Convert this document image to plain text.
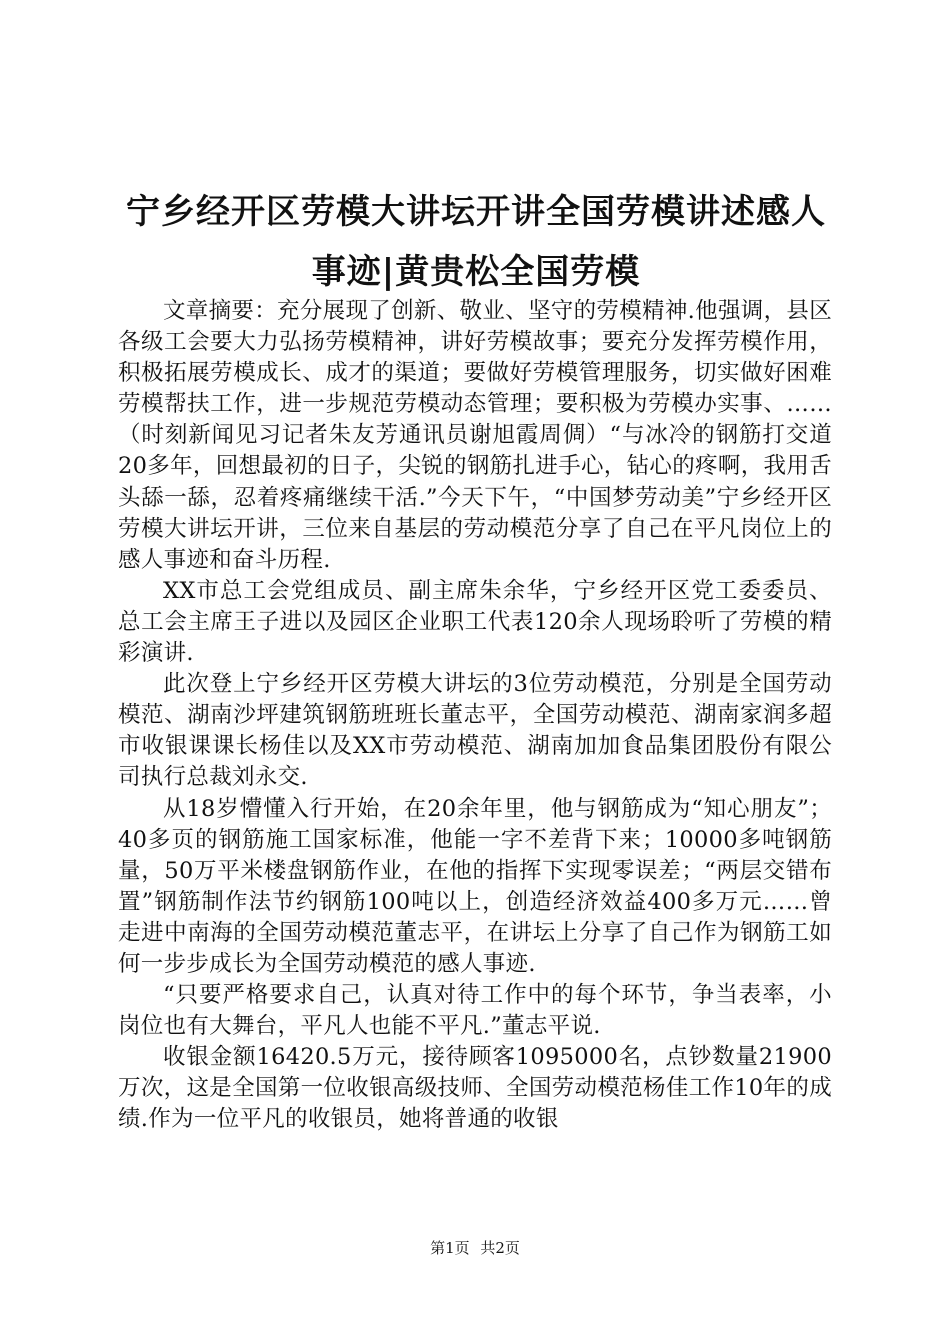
宁乡经开区劳模大讲坛开讲全国劳模讲述感人事迹|黄贵松全国劳模

文章摘要：充分展现了创新、敬业、坚守的劳模精神.他强调，县区各级工会要大力弘扬劳模精神，讲好劳模故事；要充分发挥劳模作用，积极拓展劳模成长、成才的渠道；要做好劳模管理服务，切实做好困难劳模帮扶工作，进一步规范劳模动态管理；要积极为劳模办实事、……（时刻新闻见习记者朱友芳通讯员谢旭霞周倜）“与冰冷的钢筋打交道20多年，回想最初的日子，尖锐的钢筋扎进手心，钻心的疼啊，我用舌头舔一舔，忍着疼痛继续干活.”今天下午，“中国梦劳动美”宁乡经开区劳模大讲坛开讲，三位来自基层的劳动模范分享了自己在平凡岗位上的感人事迹和奋斗历程.

XX市总工会党组成员、副主席朱余华，宁乡经开区党工委委员、总工会主席王子进以及园区企业职工代表120余人现场聆听了劳模的精彩演讲.

此次登上宁乡经开区劳模大讲坛的3位劳动模范，分别是全国劳动模范、湖南沙坪建筑钢筋班班长董志平，全国劳动模范、湖南家润多超市收银课课长杨佳以及XX市劳动模范、湖南加加食品集团股份有限公司执行总裁刘永交.

从18岁懵懂入行开始，在20余年里，他与钢筋成为“知心朋友”；40多页的钢筋施工国家标准，他能一字不差背下来；10000多吨钢筋量，50万平米楼盘钢筋作业，在他的指挥下实现零误差；“两层交错布置”钢筋制作法节约钢筋100吨以上，创造经济效益400多万元……曾走进中南海的全国劳动模范董志平，在讲坛上分享了自己作为钢筋工如何一步步成长为全国劳动模范的感人事迹.

“只要严格要求自己，认真对待工作中的每个环节，争当表率，小岗位也有大舞台，平凡人也能不平凡.”董志平说.

收银金额16420.5万元，接待顾客1095000名，点钞数量21900万次，这是全国第一位收银高级技师、全国劳动模范杨佳工作10年的成绩.作为一位平凡的收银员，她将普通的收银

第1页 共2页
